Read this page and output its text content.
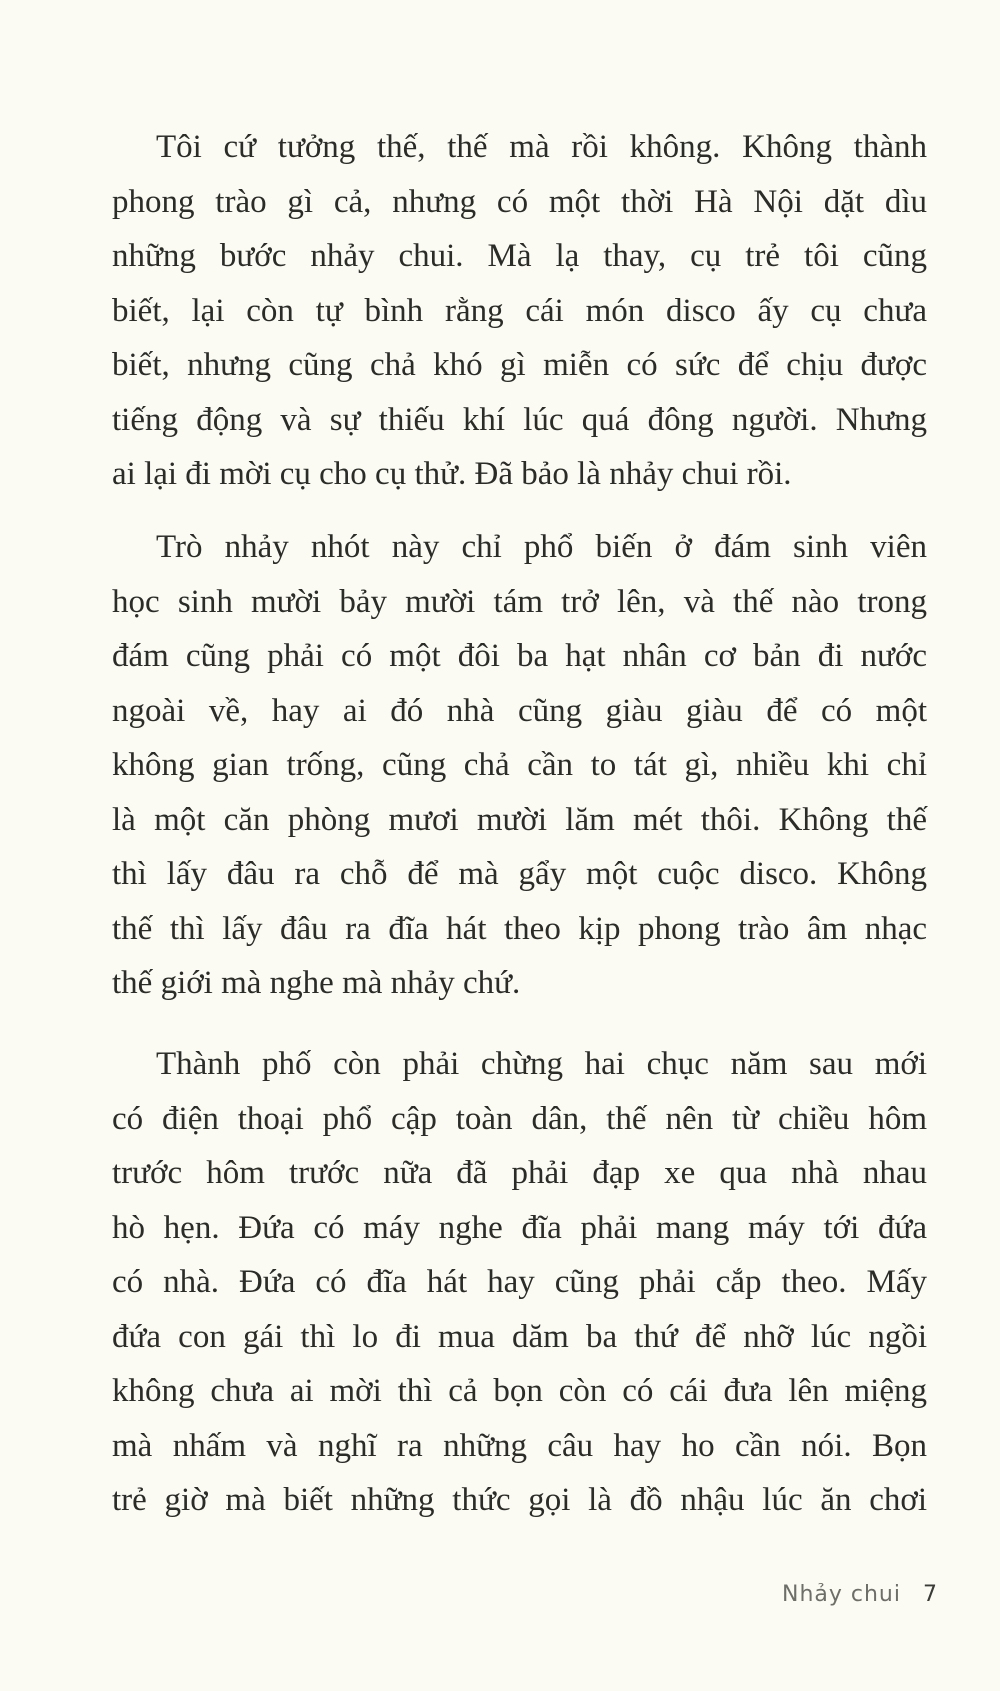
Tôi cứ tưởng thế, thế mà rồi không. Không thành
phong trào gì cả, nhưng có một thời Hà Nội dặt dìu
những bước nhảy chui. Mà lạ thay, cụ trẻ tôi cũng
biết, lại còn tự bình rằng cái món disco ấy cụ chưa
biết, nhưng cũng chả khó gì miễn có sức để chịu được
tiếng động và sự thiếu khí lúc quá đông người. Nhưng
ai lại đi mời cụ cho cụ thử. Đã bảo là nhảy chui rồi.
Trò nhảy nhót này chỉ phổ biến ở đám sinh viên
học sinh mười bảy mười tám trở lên, và thế nào trong
đám cũng phải có một đôi ba hạt nhân cơ bản đi nước
ngoài về, hay ai đó nhà cũng giàu giàu để có một
không gian trống, cũng chả cần to tát gì, nhiều khi chỉ
là một căn phòng mươi mười lăm mét thôi. Không thế
thì lấy đâu ra chỗ để mà gẩy một cuộc disco. Không
thế thì lấy đâu ra đĩa hát theo kịp phong trào âm nhạc
thế giới mà nghe mà nhảy chứ.
Thành phố còn phải chừng hai chục năm sau mới
có điện thoại phổ cập toàn dân, thế nên từ chiều hôm
trước hôm trước nữa đã phải đạp xe qua nhà nhau
hò hẹn. Đứa có máy nghe đĩa phải mang máy tới đứa
có nhà. Đứa có đĩa hát hay cũng phải cắp theo. Mấy
đứa con gái thì lo đi mua dăm ba thứ để nhỡ lúc ngồi
không chưa ai mời thì cả bọn còn có cái đưa lên miệng
mà nhấm và nghĩ ra những câu hay ho cần nói. Bọn
trẻ giờ mà biết những thức gọi là đồ nhậu lúc ăn chơi
Nhảy chui 7
